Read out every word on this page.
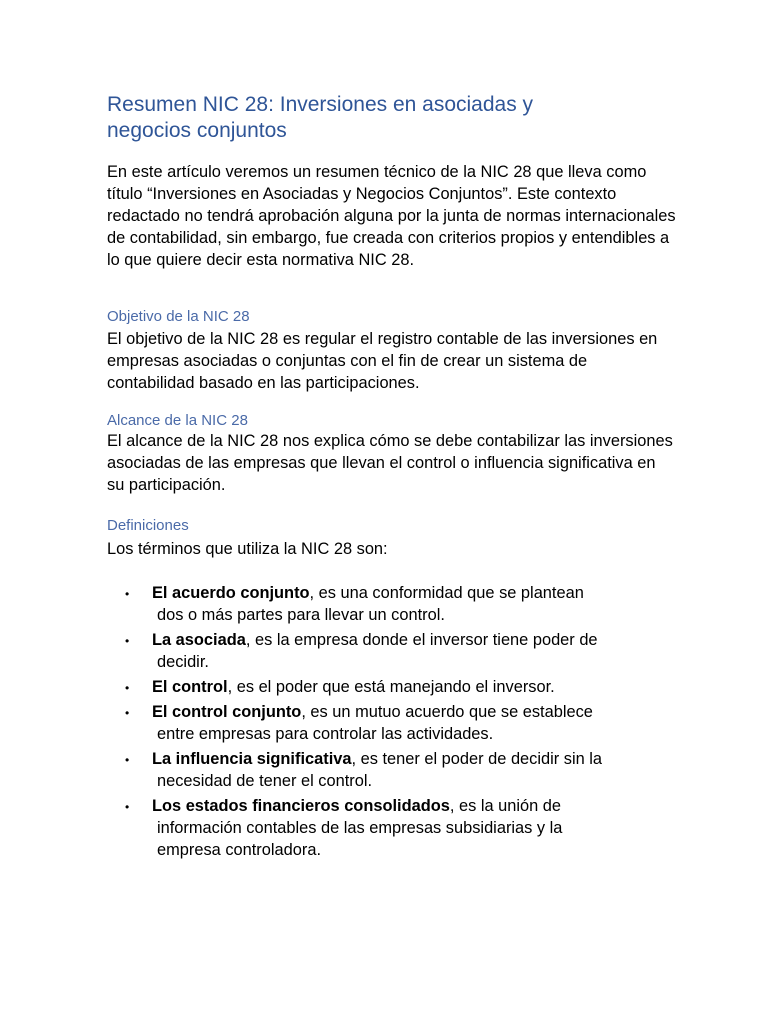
Resumen NIC 28: Inversiones en asociadas y
negocios conjuntos

En este artículo veremos un resumen técnico de la NIC 28 que lleva como título “Inversiones en Asociadas y Negocios Conjuntos”. Este contexto redactado no tendrá aprobación alguna por la junta de normas internacionales de contabilidad, sin embargo, fue creada con criterios propios y entendibles a lo que quiere decir esta normativa NIC 28.

Objetivo de la NIC 28

El objetivo de la NIC 28 es regular el registro contable de las inversiones en empresas asociadas o conjuntas con el fin de crear un sistema de contabilidad basado en las participaciones.

Alcance de la NIC 28

El alcance de la NIC 28 nos explica cómo se debe contabilizar las inversiones asociadas de las empresas que llevan el control o influencia significativa en su participación.

Definiciones

Los términos que utiliza la NIC 28 son:

• El acuerdo conjunto, es una conformidad que se plantean
dos o más partes para llevar un control.
• La asociada, es la empresa donde el inversor tiene poder de
decidir.
• El control, es el poder que está manejando el inversor.
• El control conjunto, es un mutuo acuerdo que se establece
entre empresas para controlar las actividades.
• La influencia significativa, es tener el poder de decidir sin la
necesidad de tener el control.
• Los estados financieros consolidados, es la unión de
información contables de las empresas subsidiarias y la
empresa controladora.
